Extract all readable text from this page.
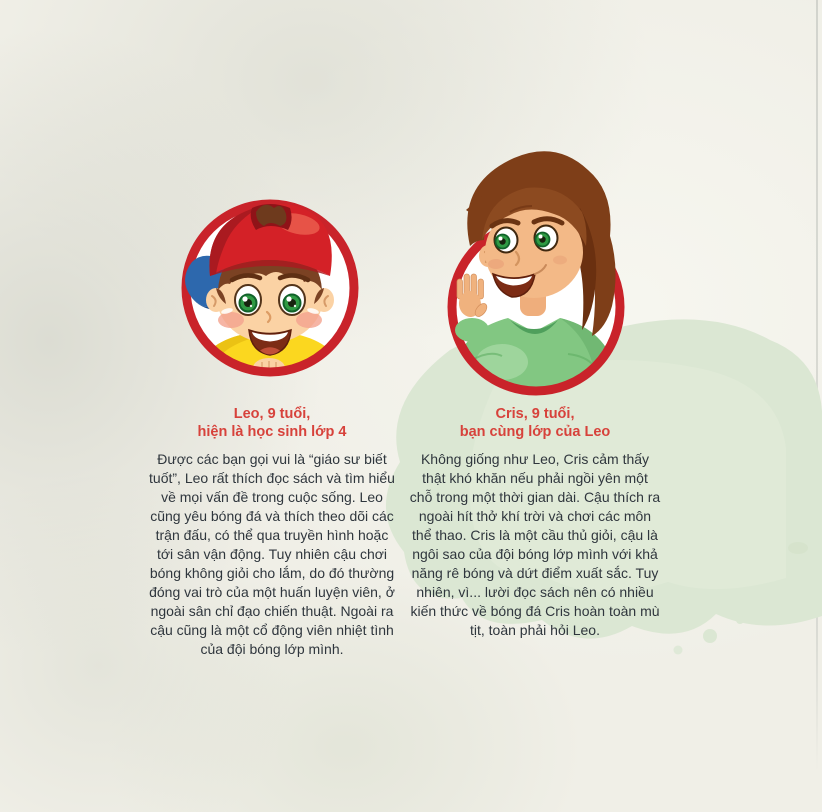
Leo, 9 tuổi,
hiện là học sinh lớp 4

Được các bạn gọi vui là “giáo sư biết tuốt”, Leo rất thích đọc sách và tìm hiểu về mọi vấn đề trong cuộc sống. Leo cũng yêu bóng đá và thích theo dõi các trận đấu, có thể qua truyền hình hoặc tới sân vận động. Tuy nhiên cậu chơi bóng không giỏi cho lắm, do đó thường đóng vai trò của một huấn luyện viên, ở ngoài sân chỉ đạo chiến thuật. Ngoài ra cậu cũng là một cổ động viên nhiệt tình của đội bóng lớp mình.

Cris, 9 tuổi,
bạn cùng lớp của Leo

Không giống như Leo, Cris cảm thấy thật khó khăn nếu phải ngồi yên một chỗ trong một thời gian dài. Cậu thích ra ngoài hít thở khí trời và chơi các môn thể thao. Cris là một cầu thủ giỏi, cậu là ngôi sao của đội bóng lớp mình với khả năng rê bóng và dứt điểm xuất sắc. Tuy nhiên, vì... lười đọc sách nên có nhiều kiến thức về bóng đá Cris hoàn toàn mù tịt, toàn phải hỏi Leo.
